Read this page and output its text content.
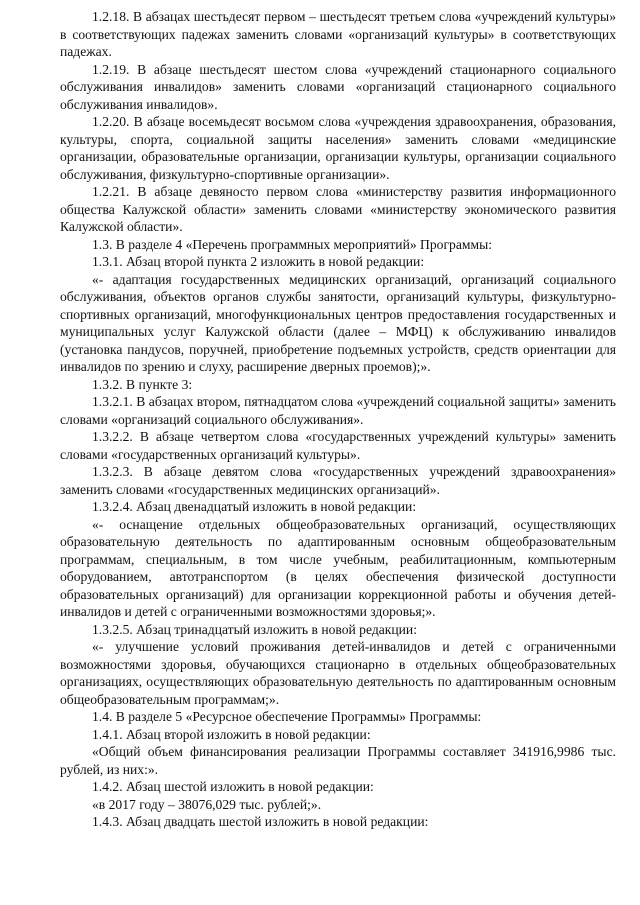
1.2.18. В абзацах шестьдесят первом – шестьдесят третьем слова «учреждений культуры» в соответствующих падежах заменить словами «организаций культуры» в соответствующих падежах.

1.2.19. В абзаце шестьдесят шестом слова «учреждений стационарного социального обслуживания инвалидов» заменить словами «организаций стационарного социального обслуживания инвалидов».

1.2.20. В абзаце восемьдесят восьмом слова «учреждения здравоохранения, образования, культуры, спорта, социальной защиты населения» заменить словами «медицинские организации, образовательные организации, организации культуры, организации социального обслуживания, физкультурно-спортивные организации».

1.2.21. В абзаце девяносто первом слова «министерству развития информационного общества Калужской области» заменить словами «министерству экономического развития Калужской области».

1.3. В разделе 4 «Перечень программных мероприятий» Программы:

1.3.1. Абзац второй пункта 2 изложить в новой редакции:

«- адаптация государственных медицинских организаций, организаций социального обслуживания, объектов органов службы занятости, организаций культуры, физкультурно-спортивных организаций, многофункциональных центров предоставления государственных и муниципальных услуг Калужской области (далее – МФЦ) к обслуживанию инвалидов (установка пандусов, поручней, приобретение подъемных устройств, средств ориентации для инвалидов по зрению и слуху, расширение дверных проемов);».

1.3.2. В пункте 3:

1.3.2.1. В абзацах втором, пятнадцатом слова «учреждений социальной защиты» заменить словами «организаций социального обслуживания».

1.3.2.2. В абзаце четвертом слова «государственных учреждений культуры» заменить словами «государственных организаций культуры».

1.3.2.3. В абзаце девятом слова «государственных учреждений здравоохранения» заменить словами «государственных медицинских организаций».

1.3.2.4. Абзац двенадцатый изложить в новой редакции:

«- оснащение отдельных общеобразовательных организаций, осуществляющих образовательную деятельность по адаптированным основным общеобразовательным программам, специальным, в том числе учебным, реабилитационным, компьютерным оборудованием, автотранспортом (в целях обеспечения физической доступности образовательных организаций) для организации коррекционной работы и обучения детей-инвалидов и детей с ограниченными возможностями здоровья;».

1.3.2.5. Абзац тринадцатый изложить в новой редакции:

«- улучшение условий проживания детей-инвалидов и детей с ограниченными возможностями здоровья, обучающихся стационарно в отдельных общеобразовательных организациях, осуществляющих образовательную деятельность по адаптированным основным общеобразовательным программам;».

1.4. В разделе 5 «Ресурсное обеспечение Программы» Программы:

1.4.1. Абзац второй изложить в новой редакции:

«Общий объем финансирования реализации Программы составляет 341916,9986 тыс. рублей, из них:».

1.4.2. Абзац шестой изложить в новой редакции:

«в 2017 году – 38076,029 тыс. рублей;».

1.4.3. Абзац двадцать шестой изложить в новой редакции:
